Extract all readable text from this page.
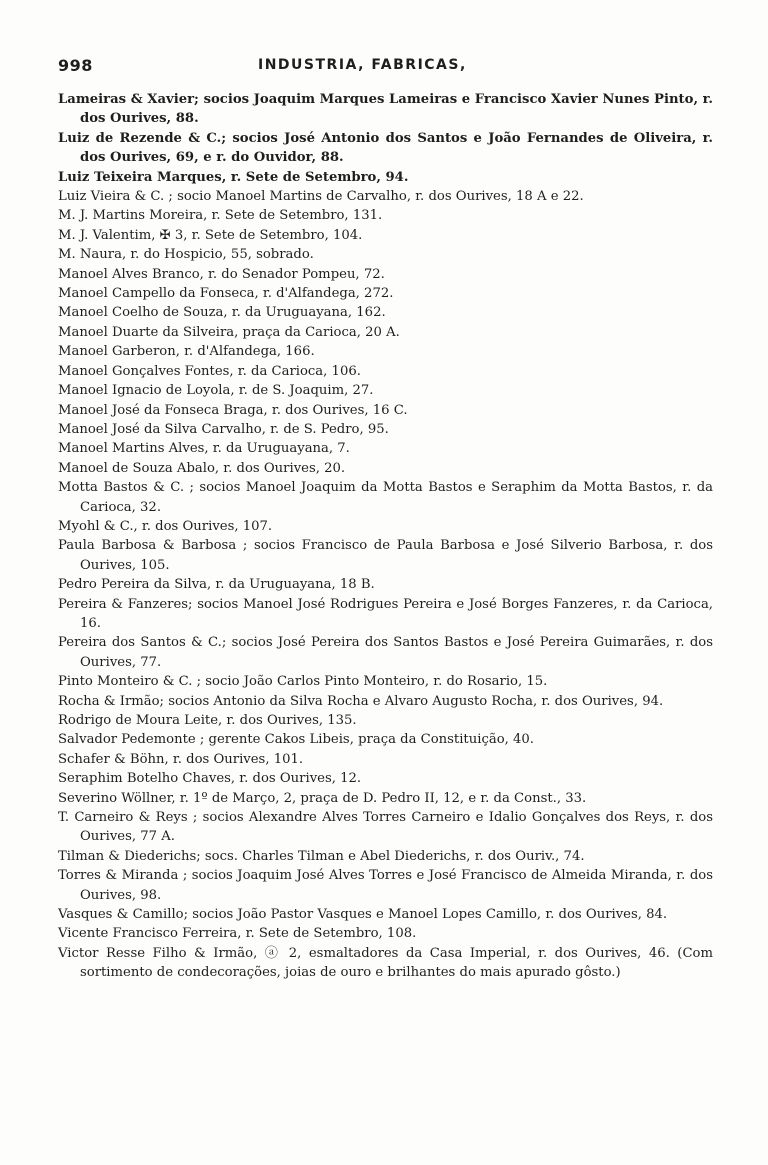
998	INDUSTRIA, FABRICAS,

Lameiras & Xavier; socios Joaquim Marques Lameiras e Francisco Xavier Nunes Pinto, r. dos Ourives, 88.

Luiz de Rezende & C.; socios José Antonio dos Santos e João Fernandes de Oliveira, r. dos Ourives, 69, e r. do Ouvidor, 88.

Luiz Teixeira Marques, r. Sete de Setembro, 94.

Luiz Vieira & C. ; socio Manoel Martins de Carvalho, r. dos Ourives, 18 A e 22.

M. J. Martins Moreira, r. Sete de Setembro, 131.

M. J. Valentim, ✠ 3, r. Sete de Setembro, 104.

M. Naura, r. do Hospicio, 55, sobrado.

Manoel Alves Branco, r. do Senador Pompeu, 72.

Manoel Campello da Fonseca, r. d'Alfandega, 272.

Manoel Coelho de Souza, r. da Uruguayana, 162.

Manoel Duarte da Silveira, praça da Carioca, 20 A.

Manoel Garberon, r. d'Alfandega, 166.

Manoel Gonçalves Fontes, r. da Carioca, 106.

Manoel Ignacio de Loyola, r. de S. Joaquim, 27.

Manoel José da Fonseca Braga, r. dos Ourives, 16 C.

Manoel José da Silva Carvalho, r. de S. Pedro, 95.

Manoel Martins Alves, r. da Uruguayana, 7.

Manoel de Souza Abalo, r. dos Ourives, 20.

Motta Bastos & C. ; socios Manoel Joaquim da Motta Bastos e Seraphim da Motta Bastos, r. da Carioca, 32.

Myohl & C., r. dos Ourives, 107.

Paula Barbosa & Barbosa ; socios Francisco de Paula Barbosa e José Silverio Barbosa, r. dos Ourives, 105.

Pedro Pereira da Silva, r. da Uruguayana, 18 B.

Pereira & Fanzeres; socios Manoel José Rodrigues Pereira e José Borges Fanzeres, r. da Carioca, 16.

Pereira dos Santos & C.; socios José Pereira dos Santos Bastos e José Pereira Guimarães, r. dos Ourives, 77.

Pinto Monteiro & C. ; socio João Carlos Pinto Monteiro, r. do Rosario, 15.

Rocha & Irmão; socios Antonio da Silva Rocha e Alvaro Augusto Rocha, r. dos Ourives, 94.

Rodrigo de Moura Leite, r. dos Ourives, 135.

Salvador Pedemonte ; gerente Cakos Libeis, praça da Constituição, 40.

Schafer & Böhn, r. dos Ourives, 101.

Seraphim Botelho Chaves, r. dos Ourives, 12.

Severino Wöllner, r. 1º de Março, 2, praça de D. Pedro II, 12, e r. da Const., 33.

T. Carneiro & Reys ; socios Alexandre Alves Torres Carneiro e Idalio Gonçalves dos Reys, r. dos Ourives, 77 A.

Tilman & Diederichs; socs. Charles Tilman e Abel Diederichs, r. dos Ouriv., 74.

Torres & Miranda ; socios Joaquim José Alves Torres e José Francisco de Almeida Miranda, r. dos Ourives, 98.

Vasques & Camillo; socios João Pastor Vasques e Manoel Lopes Camillo, r. dos Ourives, 84.

Vicente Francisco Ferreira, r. Sete de Setembro, 108.

Victor Resse Filho & Irmão, ⓐ 2, esmaltadores da Casa Imperial, r. dos Ourives, 46. (Com sortimento de condecorações, joias de ouro e brilhantes do mais apurado gôsto.)
